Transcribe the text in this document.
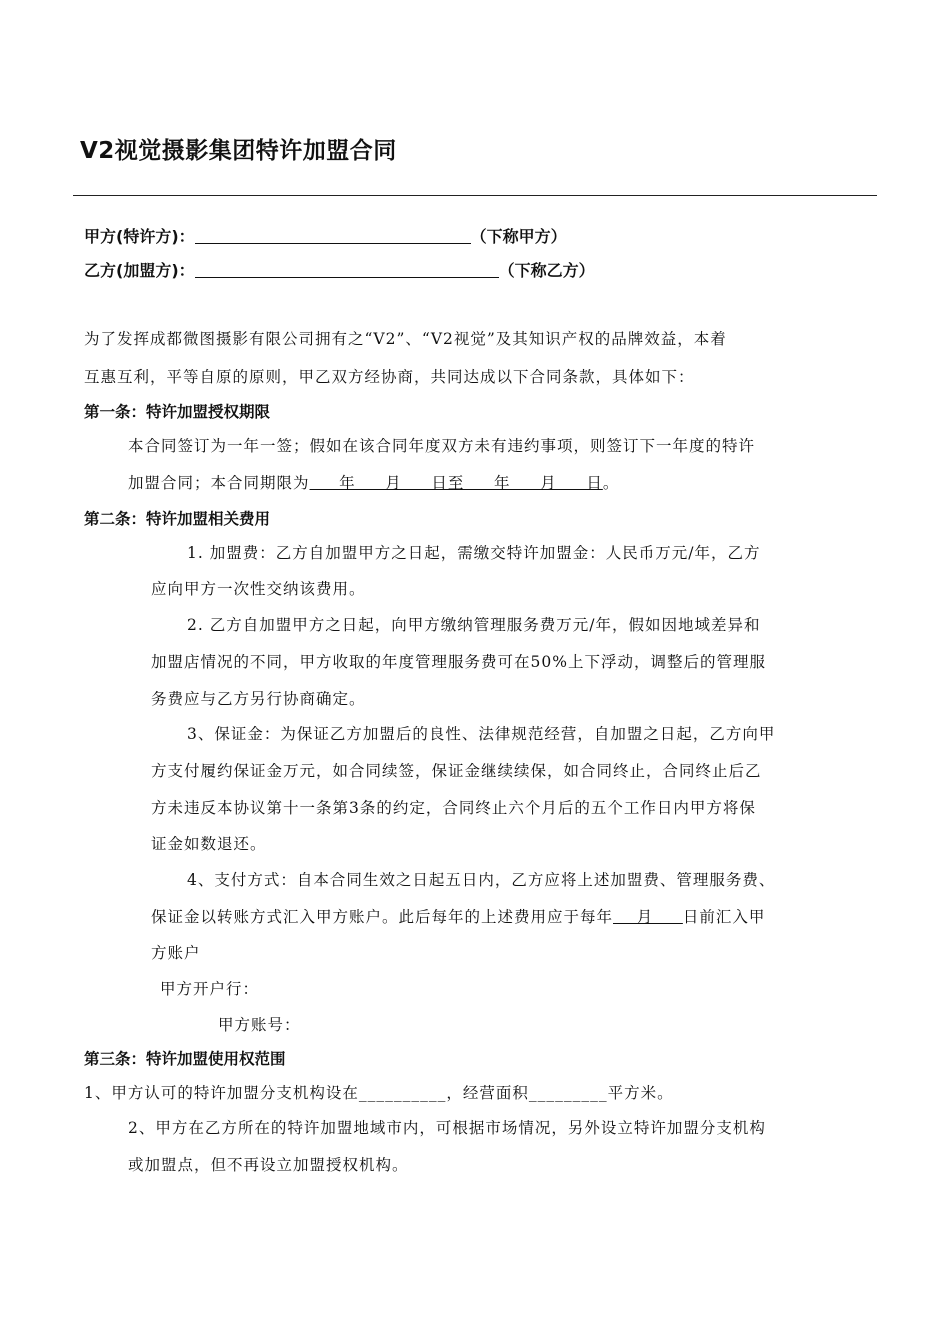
V2视觉摄影集团特许加盟合同
甲方(特许方)：	（下称甲方）
乙方(加盟方)：	（下称乙方）
为了发挥成都微图摄影有限公司拥有之“V2”、“V2视觉”及其知识产权的品牌效益，本着
互惠互利，平等自原的原则，甲乙双方经协商，共同达成以下合同条款，具体如下：
第一条：特许加盟授权期限
本合同签订为一年一签；假如在该合同年度双方未有违约事项，则签订下一年度的特许
加盟合同；本合同期限为     年     月     日至     年     月     日。
第二条：特许加盟相关费用
1. 加盟费：乙方自加盟甲方之日起，需缴交特许加盟金：人民币万元/年，乙方
应向甲方一次性交纳该费用。
2. 乙方自加盟甲方之日起，向甲方缴纳管理服务费万元/年，假如因地域差异和
加盟店情况的不同，甲方收取的年度管理服务费可在50%上下浮动，调整后的管理服
务费应与乙方另行协商确定。
3、保证金：为保证乙方加盟后的良性、法律规范经营，自加盟之日起，乙方向甲
方支付履约保证金万元，如合同续签，保证金继续续保，如合同终止，合同终止后乙
方未违反本协议第十一条第3条的约定，合同终止六个月后的五个工作日内甲方将保
证金如数退还。
4、支付方式：自本合同生效之日起五日内，乙方应将上述加盟费、管理服务费、
保证金以转账方式汇入甲方账户。此后每年的上述费用应于每年    月     日前汇入甲
方账户
甲方开户行：
甲方账号：
第三条：特许加盟使用权范围
1、甲方认可的特许加盟分支机构设在__________，经营面积_________平方米。
2、甲方在乙方所在的特许加盟地域市内，可根据市场情况，另外设立特许加盟分支机构
或加盟点，但不再设立加盟授权机构。
